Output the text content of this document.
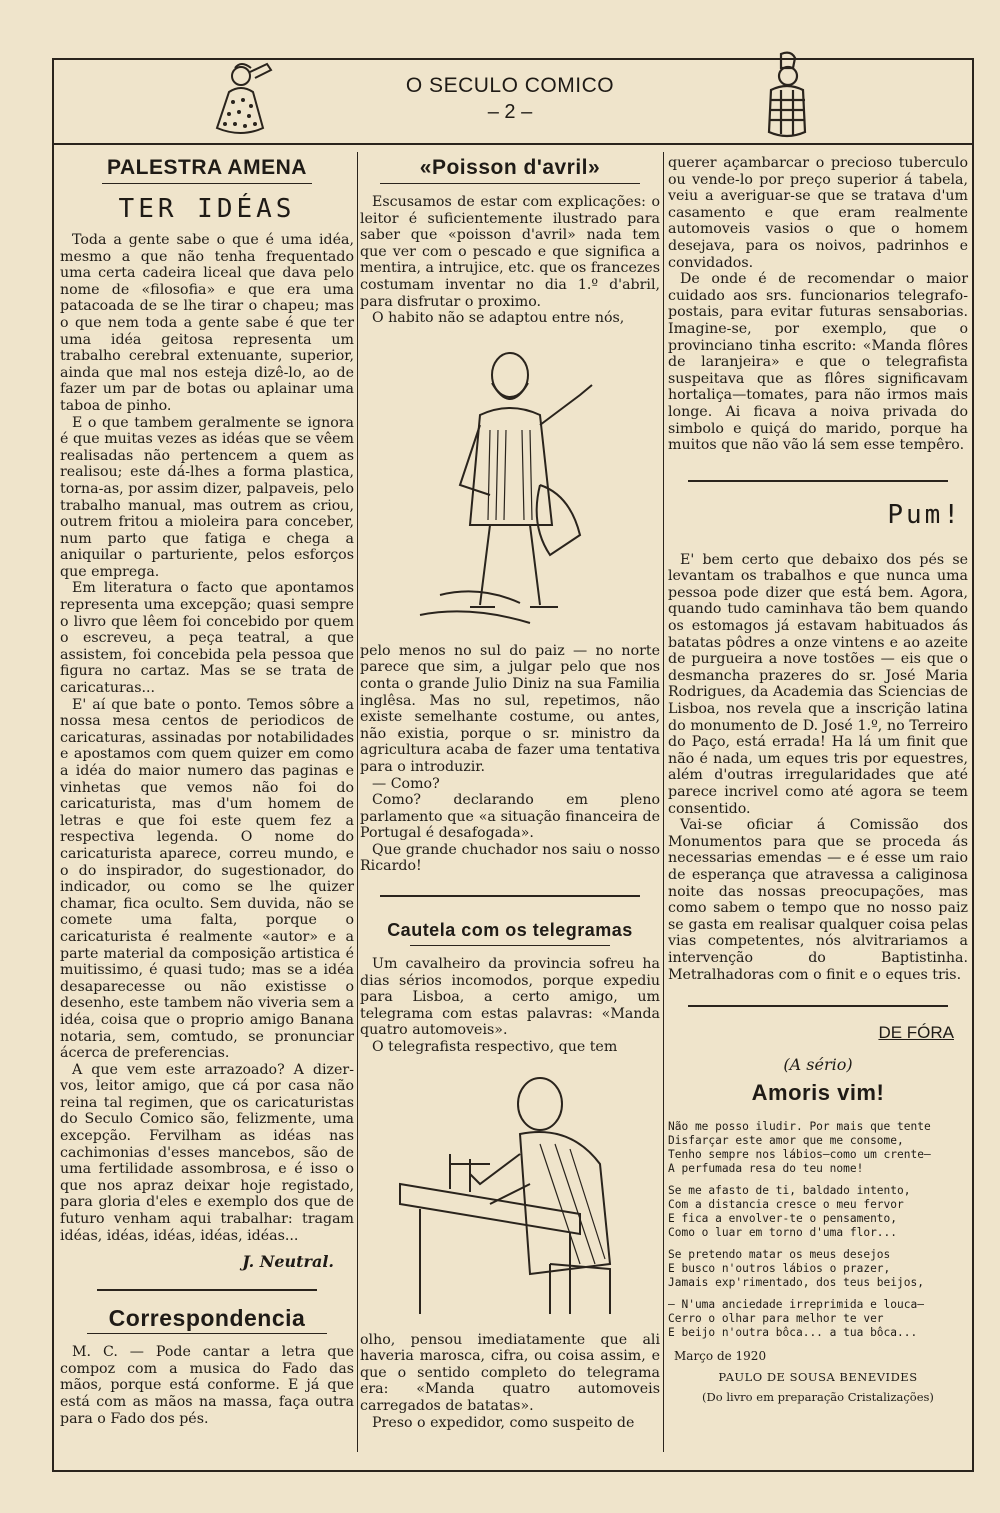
O SECULO COMICO
– 2 –
PALESTRA AMENA
TER IDÉAS

Toda a gente sabe o que é uma idéa, mesmo a que não tenha frequentado uma certa cadeira liceal que dava pelo nome de «filosofia» e que era uma patacoada de se lhe tirar o chapeu; mas o que nem toda a gente sabe é que ter uma idéa geitosa representa um trabalho cerebral extenuante, superior, ainda que mal nos esteja dizê-lo, ao de fazer um par de botas ou aplainar uma taboa de pinho.

E o que tambem geralmente se ignora é que muitas vezes as idéas que se vêem realisadas não pertencem a quem as realisou; este dá-lhes a forma plastica, torna-as, por assim dizer, palpaveis, pelo trabalho manual, mas outrem as criou, outrem fritou a mioleira para conceber, num parto que fatiga e chega a aniquilar o parturiente, pelos esforços que emprega.

Em literatura o facto que apontamos representa uma excepção; quasi sempre o livro que lêem foi concebido por quem o escreveu, a peça teatral, a que assistem, foi concebida pela pessoa que figura no cartaz. Mas se se trata de caricaturas...

E' aí que bate o ponto. Temos sôbre a nossa mesa centos de periodicos de caricaturas, assinadas por notabilidades e apostamos com quem quizer em como a idéa do maior numero das paginas e vinhetas que vemos não foi do caricaturista, mas d'um homem de letras e que foi este quem fez a respectiva legenda. O nome do caricaturista aparece, correu mundo, e o do inspirador, do sugestionador, do indicador, ou como se lhe quizer chamar, fica oculto. Sem duvida, não se comete uma falta, porque o caricaturista é realmente «autor» e a parte material da composição artistica é muitissimo, é quasi tudo; mas se a idéa desaparecesse ou não existisse o desenho, este tambem não viveria sem a idéa, coisa que o proprio amigo Banana notaria, sem, comtudo, se pronunciar ácerca de preferencias.

A que vem este arrazoado? A dizer-vos, leitor amigo, que cá por casa não reina tal regimen, que os caricaturistas do Seculo Comico são, felizmente, uma excepção. Fervilham as idéas nas cachimonias d'esses mancebos, são de uma fertilidade assombrosa, e é isso o que nos apraz deixar hoje registado, para gloria d'eles e exemplo dos que de futuro venham aqui trabalhar: tragam idéas, idéas, idéas, idéas, idéas...

J. Neutral.
Correspondencia

M. C. — Pode cantar a letra que compoz com a musica do Fado das mãos, porque está conforme. E já que está com as mãos na massa, faça outra para o Fado dos pés.

«Poisson d'avril»

Escusamos de estar com explicações: o leitor é suficientemente ilustrado para saber que «poisson d'avril» nada tem que ver com o pescado e que significa a mentira, a intrujice, etc. que os francezes costumam inventar no dia 1.º d'abril, para disfrutar o proximo.

O habito não se adaptou entre nós,

pelo menos no sul do paiz — no norte parece que sim, a julgar pelo que nos conta o grande Julio Diniz na sua Familia inglêsa. Mas no sul, repetimos, não existe semelhante costume, ou antes, não existia, porque o sr. ministro da agricultura acaba de fazer uma tentativa para o introduzir.

— Como?

Como? declarando em pleno parlamento que «a situação financeira de Portugal é desafogada».

Que grande chuchador nos saiu o nosso Ricardo!

Cautela com os telegramas

Um cavalheiro da provincia sofreu ha dias sérios incomodos, porque expediu para Lisboa, a certo amigo, um telegrama com estas palavras: «Manda quatro automoveis».

O telegrafista respectivo, que tem

olho, pensou imediatamente que ali haveria marosca, cifra, ou coisa assim, e que o sentido completo do telegrama era: «Manda quatro automoveis carregados de batatas».

Preso o expedidor, como suspeito de

querer açambarcar o precioso tuberculo ou vende-lo por preço superior á tabela, veiu a averiguar-se que se tratava d'um casamento e que eram realmente automoveis vasios o que o homem desejava, para os noivos, padrinhos e convidados.

De onde é de recomendar o maior cuidado aos srs. funcionarios telegrafo-postais, para evitar futuras sensaborias. Imagine-se, por exemplo, que o provinciano tinha escrito: «Manda flôres de laranjeira» e que o telegrafista suspeitava que as flôres significavam hortaliça—tomates, para não irmos mais longe. Ai ficava a noiva privada do simbolo e quiçá do marido, porque ha muitos que não vão lá sem esse tempêro.

Pum!

E' bem certo que debaixo dos pés se levantam os trabalhos e que nunca uma pessoa pode dizer que está bem. Agora, quando tudo caminhava tão bem quando os estomagos já estavam habituados ás batatas pôdres a onze vintens e ao azeite de purgueira a nove tostões — eis que o desmancha prazeres do sr. José Maria Rodrigues, da Academia das Sciencias de Lisboa, nos revela que a inscrição latina do monumento de D. José 1.º, no Terreiro do Paço, está errada! Ha lá um finit que não é nada, um eques tris por equestres, além d'outras irregularidades que até parece incrivel como até agora se teem consentido.

Vai-se oficiar á Comissão dos Monumentos para que se proceda ás necessarias emendas — e é esse um raio de esperança que atravessa a caliginosa noite das nossas preocupações, mas como sabem o tempo que no nosso paiz se gasta em realisar qualquer coisa pelas vias competentes, nós alvitrariamos a intervenção do Baptistinha. Metralhadoras com o finit e o eques tris.

DE FÓRA
(A sério)
Amoris vim!

Não me posso iludir. Por mais que tente

Disfarçar este amor que me consome,

Tenho sempre nos lábios—como um crente—

A perfumada resa do teu nome!

Se me afasto de ti, baldado intento,

Com a distancia cresce o meu fervor

E fica a envolver-te o pensamento,

Como o luar em torno d'uma flor...

Se pretendo matar os meus desejos

E busco n'outros lábios o prazer,

Jamais exp'rimentado, dos teus beijos,

— N'uma anciedade irreprimida e louca—

Cerro o olhar para melhor te ver

E beijo n'outra bôca... a tua bôca...

Março de 1920

PAULO DE SOUSA BENEVIDES

(Do livro em preparação Cristalizações)
